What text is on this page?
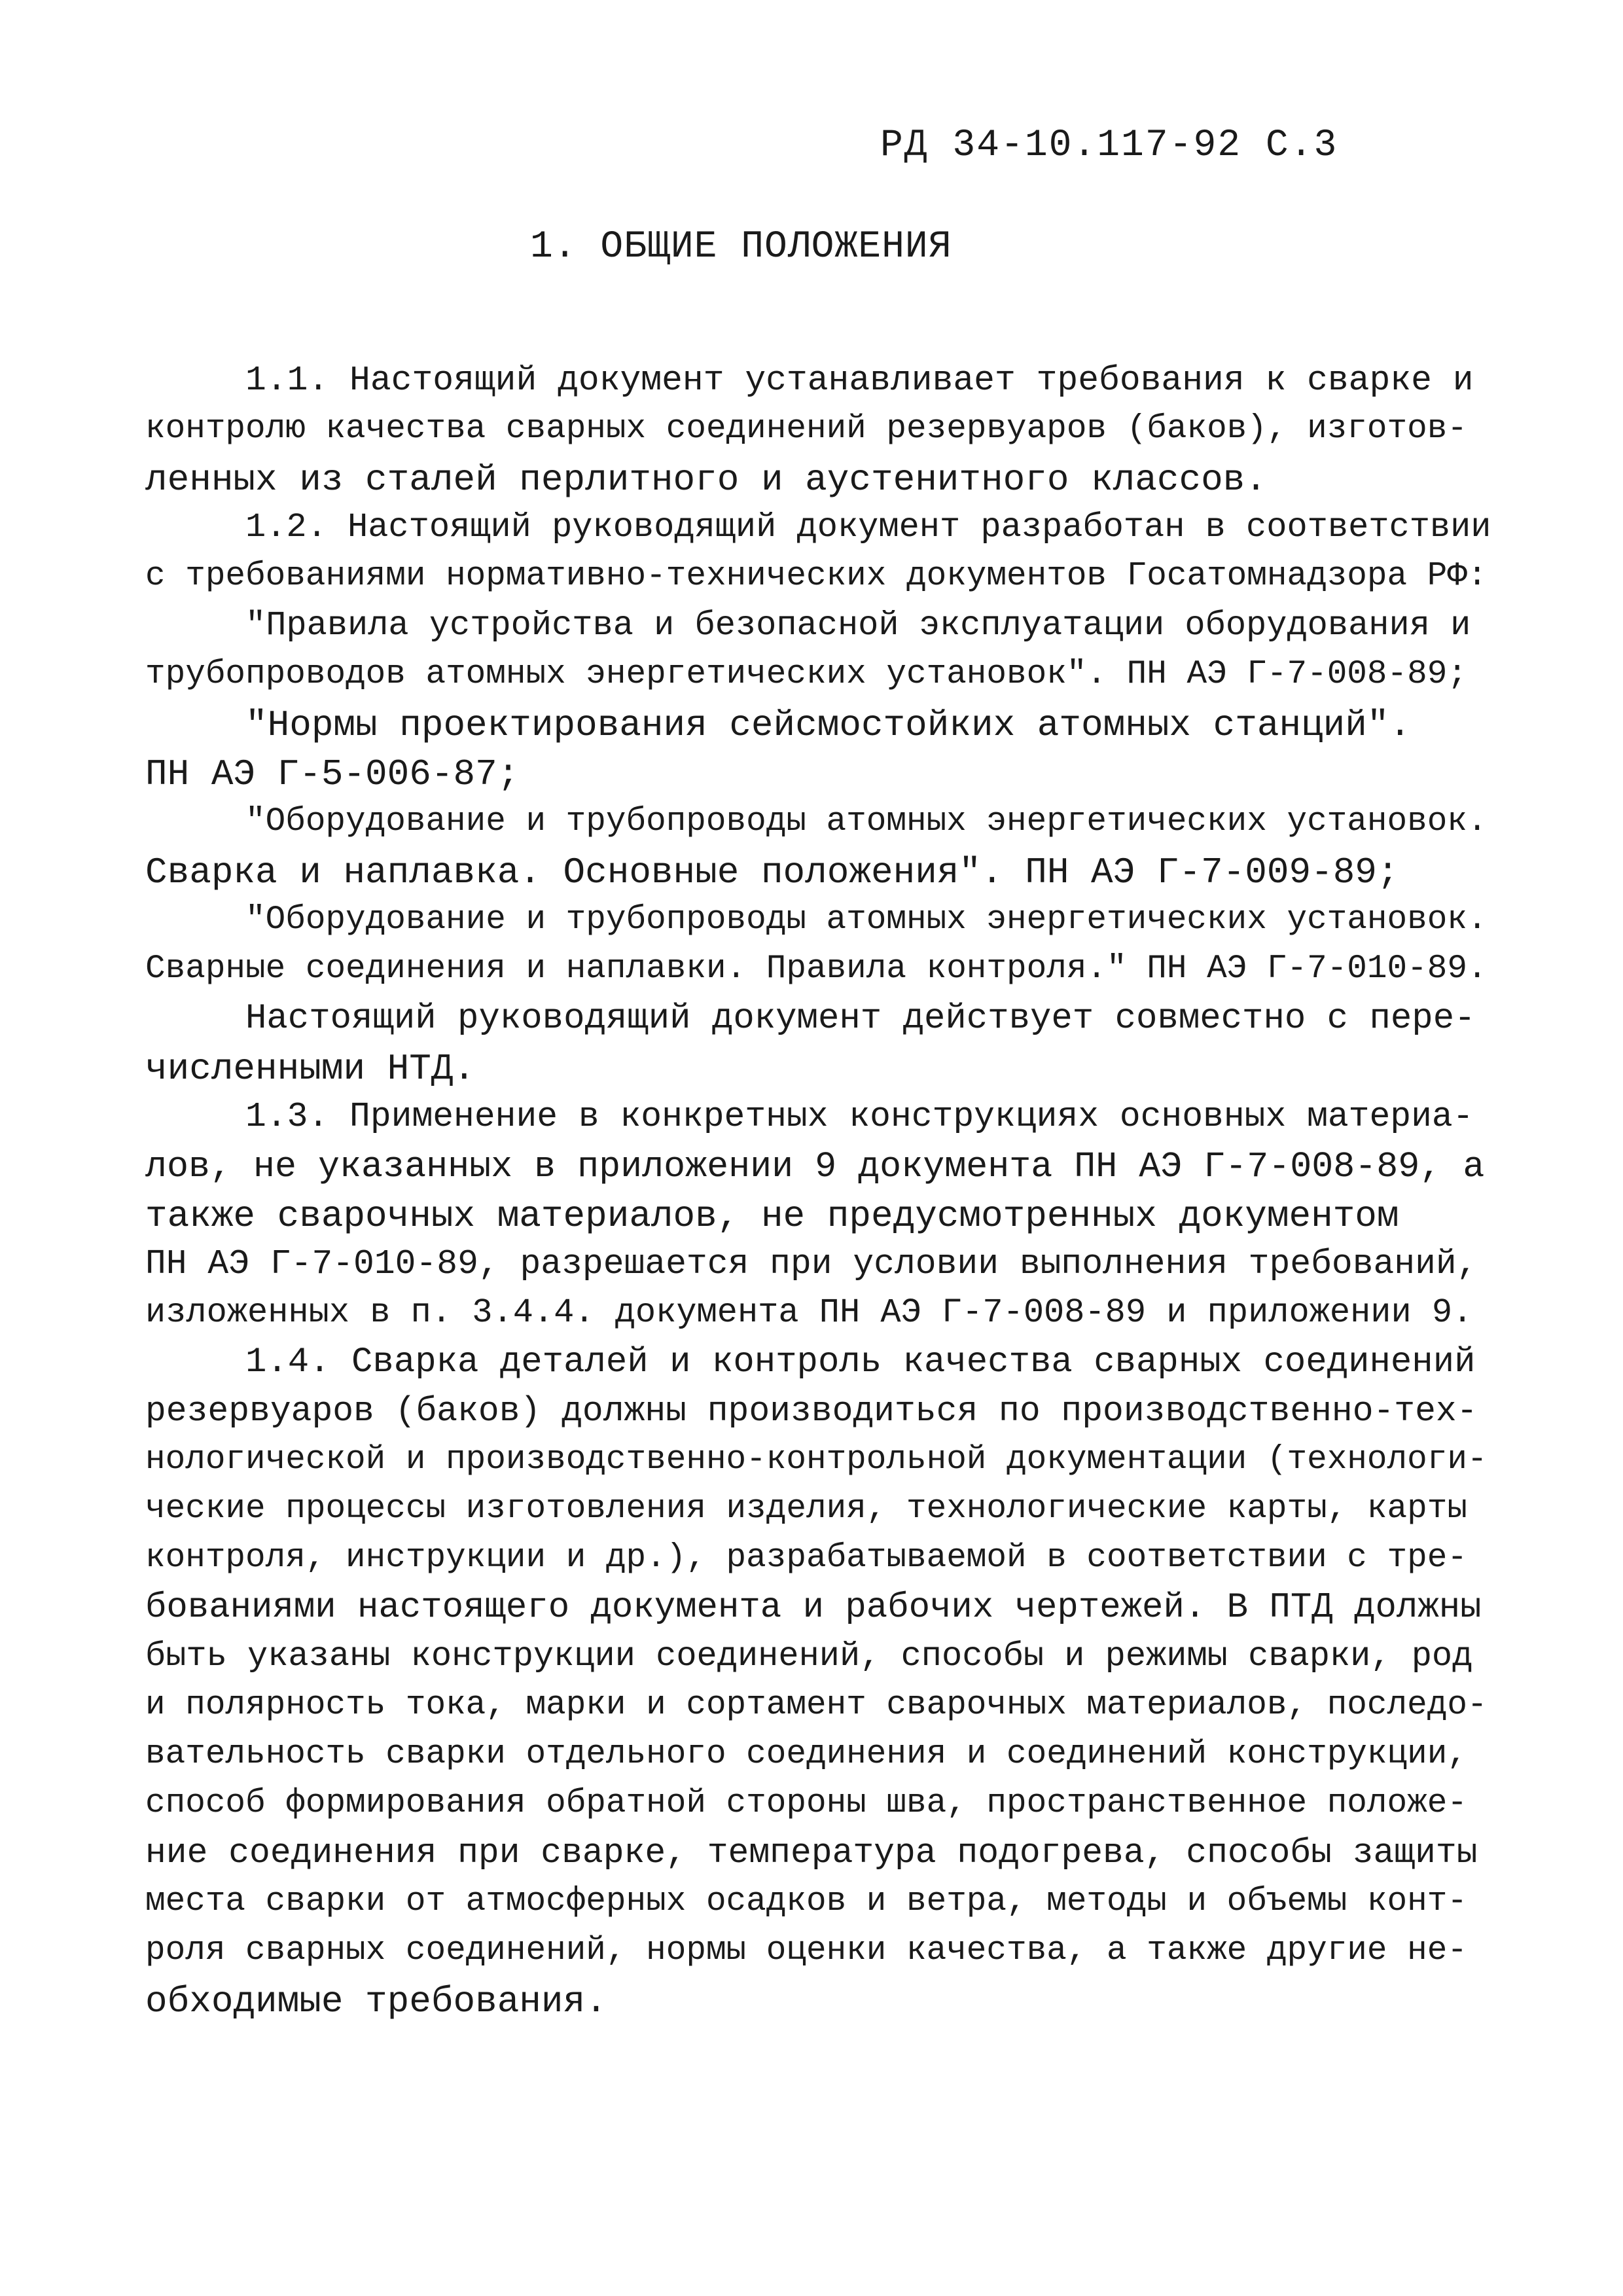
РД 34-10.117-92 С.3
1. ОБЩИЕ ПОЛОЖЕНИЯ
1.1. Настоящий документ устанавливает требования к сварке и
контролю качества сварных соединений резервуаров (баков), изготов-
ленных из сталей перлитного и аустенитного классов.
1.2. Настоящий руководящий документ разработан в соответствии
с требованиями нормативно-технических документов Госатомнадзора РФ:
"Правила устройства и безопасной эксплуатации оборудования и
трубопроводов атомных энергетических установок". ПН АЭ Г-7-008-89;
"Нормы проектирования сейсмостойких атомных станций".
ПН АЭ Г-5-006-87;
"Оборудование и трубопроводы атомных энергетических установок.
Сварка и наплавка. Основные положения". ПН АЭ Г-7-009-89;
"Оборудование и трубопроводы атомных энергетических установок.
Сварные соединения и наплавки. Правила контроля." ПН АЭ Г-7-010-89.
Настоящий руководящий документ действует совместно с пере-
численными НТД.
1.3. Применение в конкретных конструкциях основных материа-
лов, не указанных в приложении 9 документа ПН АЭ Г-7-008-89, а
также сварочных материалов, не предусмотренных документом
ПН АЭ Г-7-010-89, разрешается при условии выполнения требований,
изложенных в п. 3.4.4. документа ПН АЭ Г-7-008-89 и приложении 9.
1.4. Сварка деталей и контроль качества сварных соединений
резервуаров (баков) должны производиться по производственно-тех-
нологической и производственно-контрольной документации (технологи-
ческие процессы изготовления изделия, технологические карты, карты
контроля, инструкции и др.), разрабатываемой в соответствии с тре-
бованиями настоящего документа и рабочих чертежей. В ПТД должны
быть указаны конструкции соединений, способы и режимы сварки, род
и полярность тока, марки и сортамент сварочных материалов, последо-
вательность сварки отдельного соединения и соединений конструкции,
способ формирования обратной стороны шва, пространственное положе-
ние соединения при сварке, температура подогрева, способы защиты
места сварки от атмосферных осадков и ветра, методы и объемы конт-
роля сварных соединений, нормы оценки качества, а также другие не-
обходимые требования.
